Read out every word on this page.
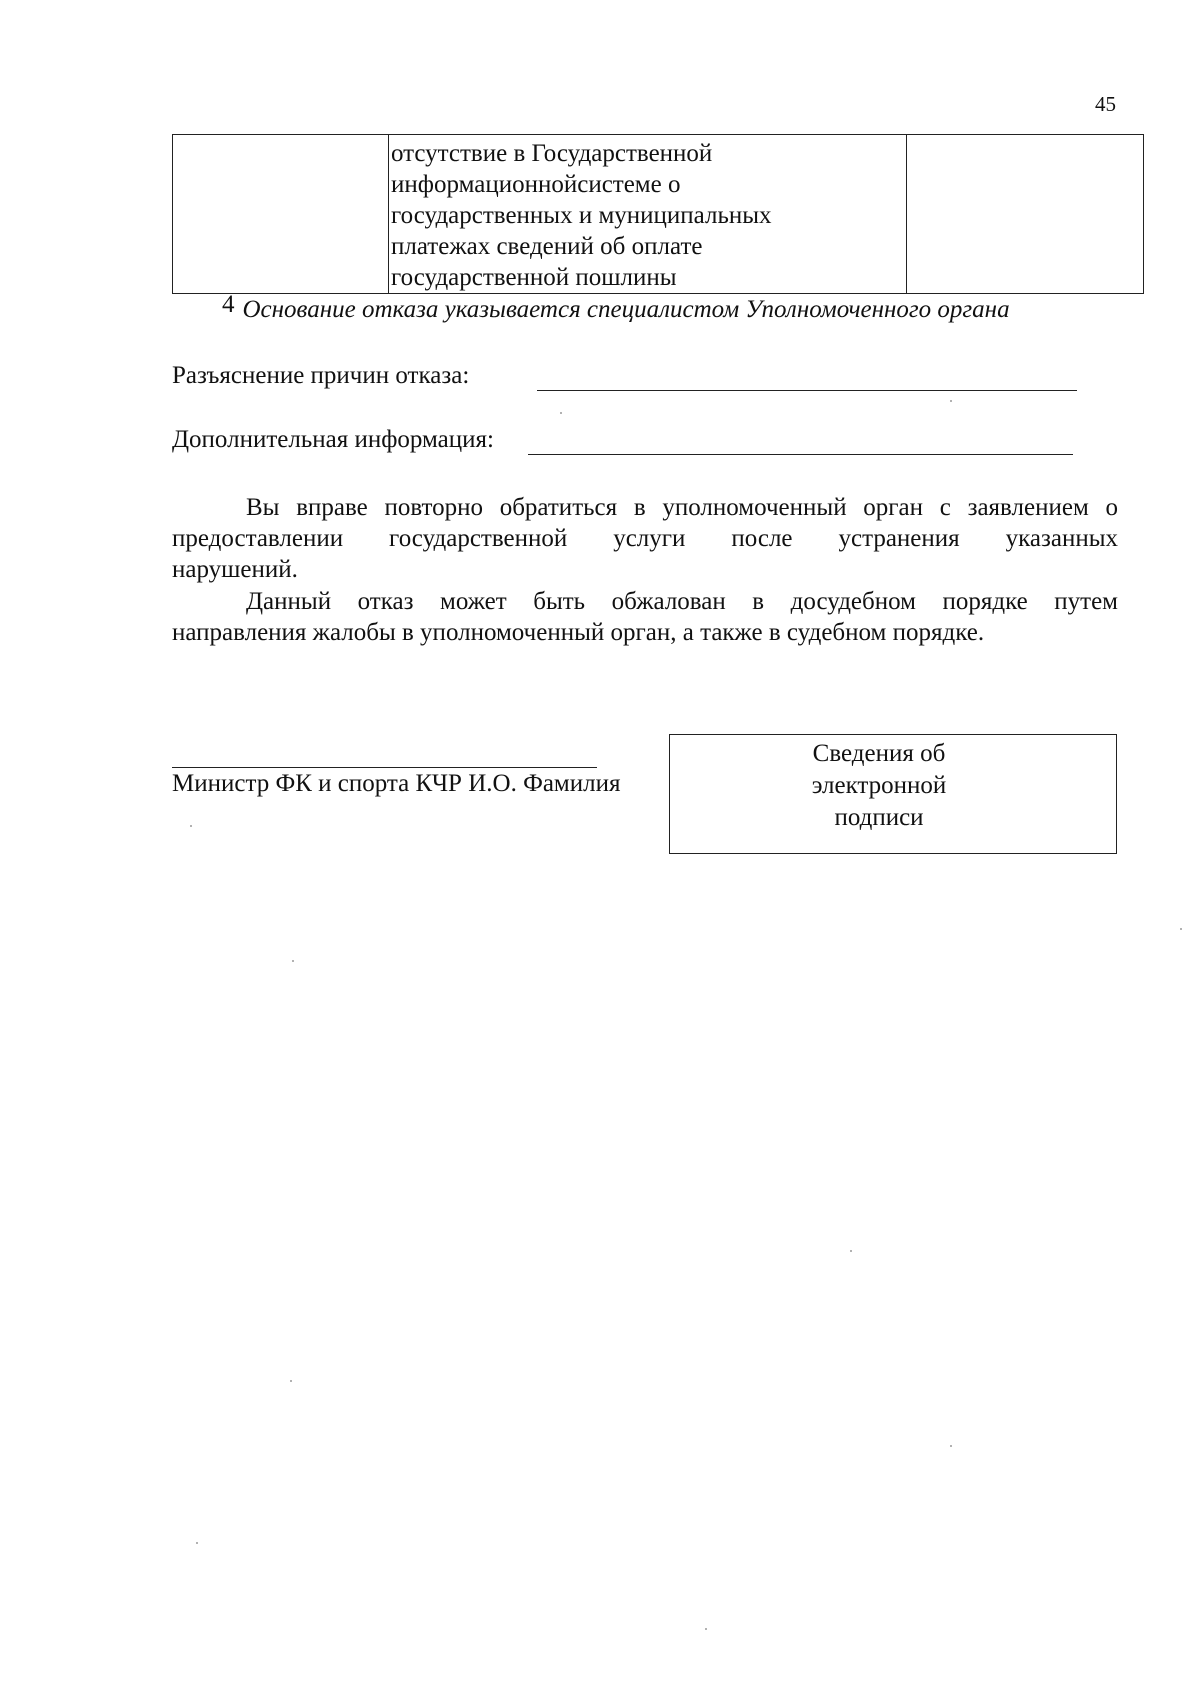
45

отсутствие в Государственной
информационнойсистеме о
государственных и муниципальных
платежах сведений об оплате
государственной пошлины

4 Основание отказа указывается специалистом Уполномоченного органа
Разъяснение причин отказа:
Дополнительная информация:
Вы вправе повторно обратиться в уполномоченный орган с заявлением о
предоставлении государственной услуги после устранения указанных
нарушений.
Данный отказ может быть обжалован в досудебном порядке путем
направления жалобы в уполномоченный орган, а также в судебном порядке.
Министр ФК и спорта КЧР И.О. Фамилия
Сведения об
электронной
подписи
